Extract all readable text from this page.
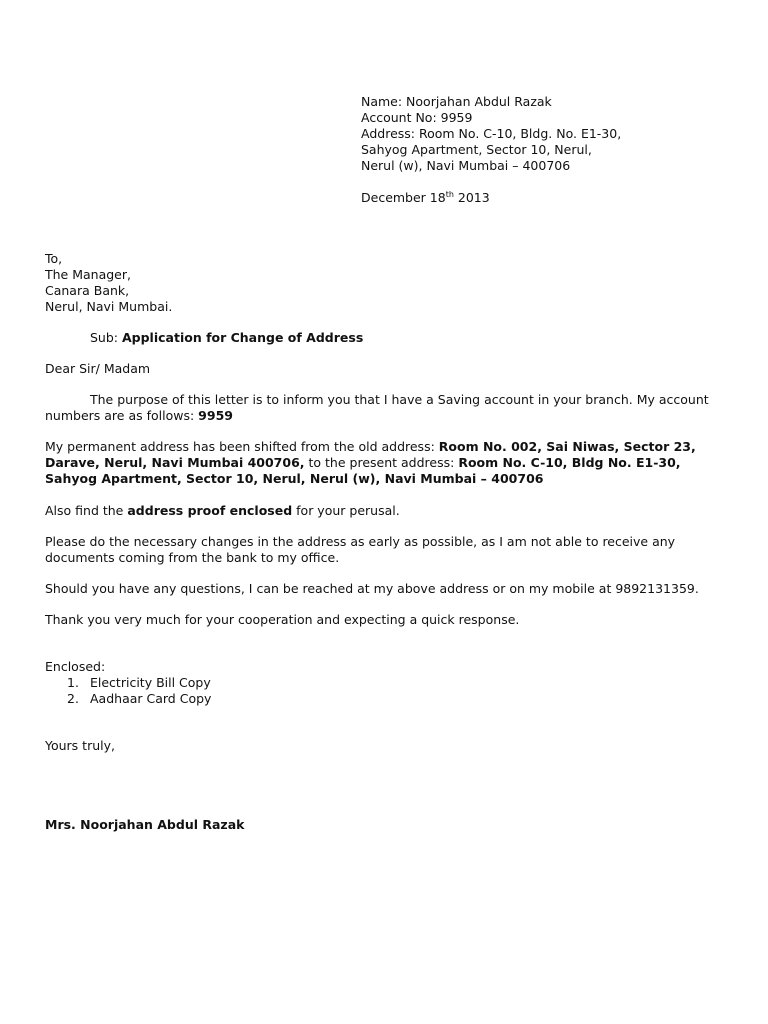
Name: Noorjahan Abdul Razak
Account No: 9959
Address: Room No. C-10, Bldg. No. E1-30,
Sahyog Apartment, Sector 10, Nerul,
Nerul (w), Navi Mumbai – 400706
December 18th 2013
To,
The Manager,
Canara Bank,
Nerul, Navi Mumbai.
Sub: Application for Change of Address
Dear Sir/ Madam
The purpose of this letter is to inform you that I have a Saving account in your branch. My account
numbers are as follows: 9959
My permanent address has been shifted from the old address: Room No. 002, Sai Niwas, Sector 23,
Darave, Nerul, Navi Mumbai 400706, to the present address: Room No. C-10, Bldg No. E1-30,
Sahyog Apartment, Sector 10, Nerul, Nerul (w), Navi Mumbai – 400706
Also find the address proof enclosed for your perusal.
Please do the necessary changes in the address as early as possible, as I am not able to receive any
documents coming from the bank to my office.
Should you have any questions, I can be reached at my above address or on my mobile at 9892131359.
Thank you very much for your cooperation and expecting a quick response.
Enclosed:
1. Electricity Bill Copy
2. Aadhaar Card Copy
Yours truly,
Mrs. Noorjahan Abdul Razak
